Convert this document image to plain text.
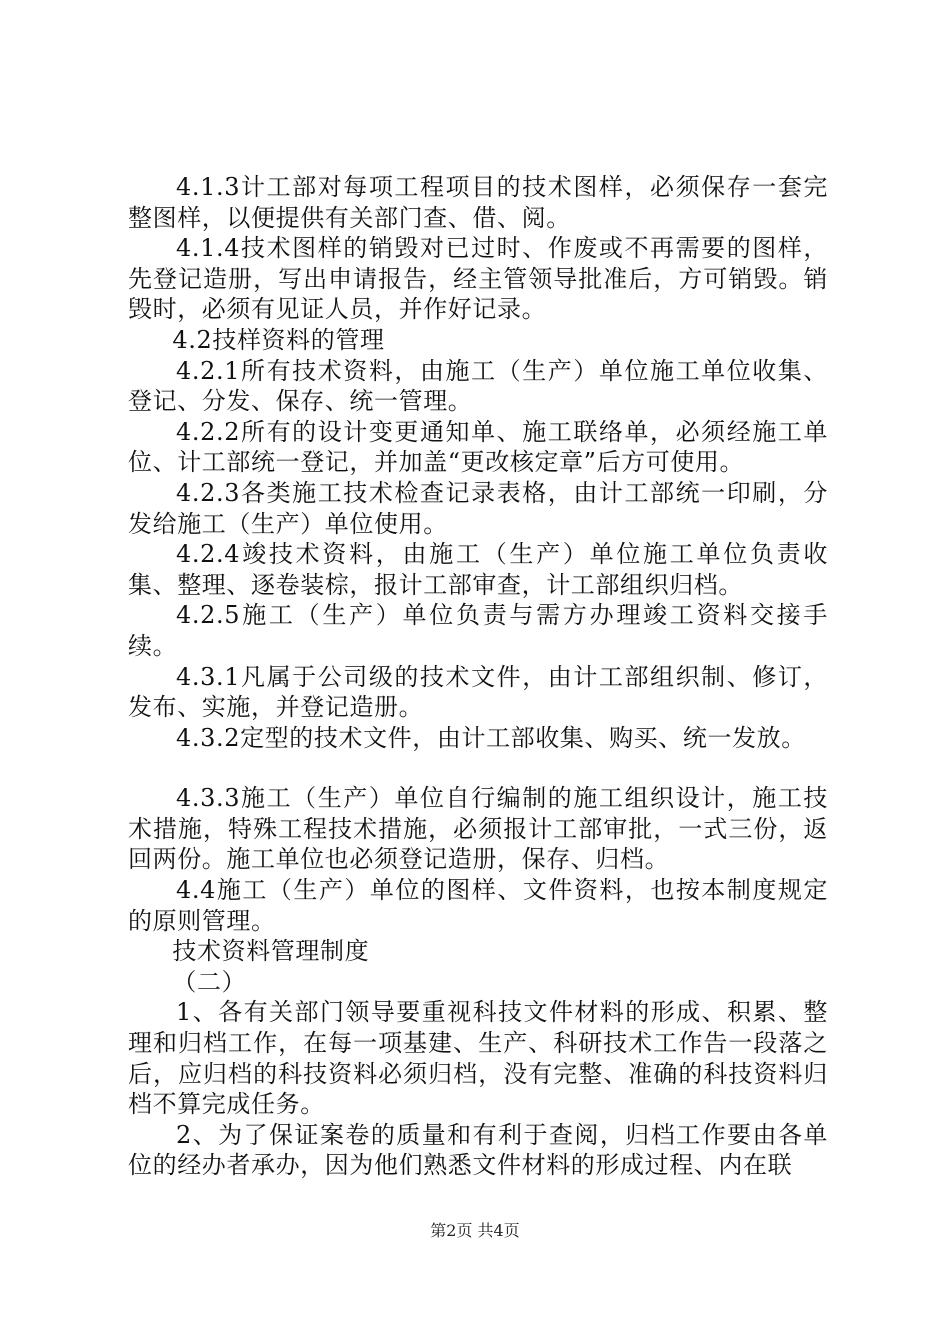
4.1.3计工部对每项工程项目的技术图样，必须保存一套完整图样，以便提供有关部门查、借、阅。

4.1.4技术图样的销毁对已过时、作废或不再需要的图样，先登记造册，写出申请报告，经主管领导批准后，方可销毁。销毁时，必须有见证人员，并作好记录。

4.2技样资料的管理

4.2.1所有技术资料，由施工（生产）单位施工单位收集、登记、分发、保存、统一管理。

4.2.2所有的设计变更通知单、施工联络单，必须经施工单位、计工部统一登记，并加盖“更改核定章”后方可使用。

4.2.3各类施工技术检查记录表格，由计工部统一印刷，分发给施工（生产）单位使用。

4.2.4竣技术资料，由施工（生产）单位施工单位负责收集、整理、逐卷装棕，报计工部审查，计工部组织归档。

4.2.5施工（生产）单位负责与需方办理竣工资料交接手续。

4.3.1凡属于公司级的技术文件，由计工部组织制、修订，发布、实施，并登记造册。

4.3.2定型的技术文件，由计工部收集、购买、统一发放。

4.3.3施工（生产）单位自行编制的施工组织设计，施工技术措施，特殊工程技术措施，必须报计工部审批，一式三份，返回两份。施工单位也必须登记造册，保存、归档。

4.4施工（生产）单位的图样、文件资料，也按本制度规定的原则管理。

技术资料管理制度

（二）

1、各有关部门领导要重视科技文件材料的形成、积累、整理和归档工作，在每一项基建、生产、科研技术工作告一段落之后，应归档的科技资料必须归档，没有完整、准确的科技资料归档不算完成任务。

2、为了保证案卷的质量和有利于查阅，归档工作要由各单位的经办者承办，因为他们熟悉文件材料的形成过程、内在联

第2页 共4页
